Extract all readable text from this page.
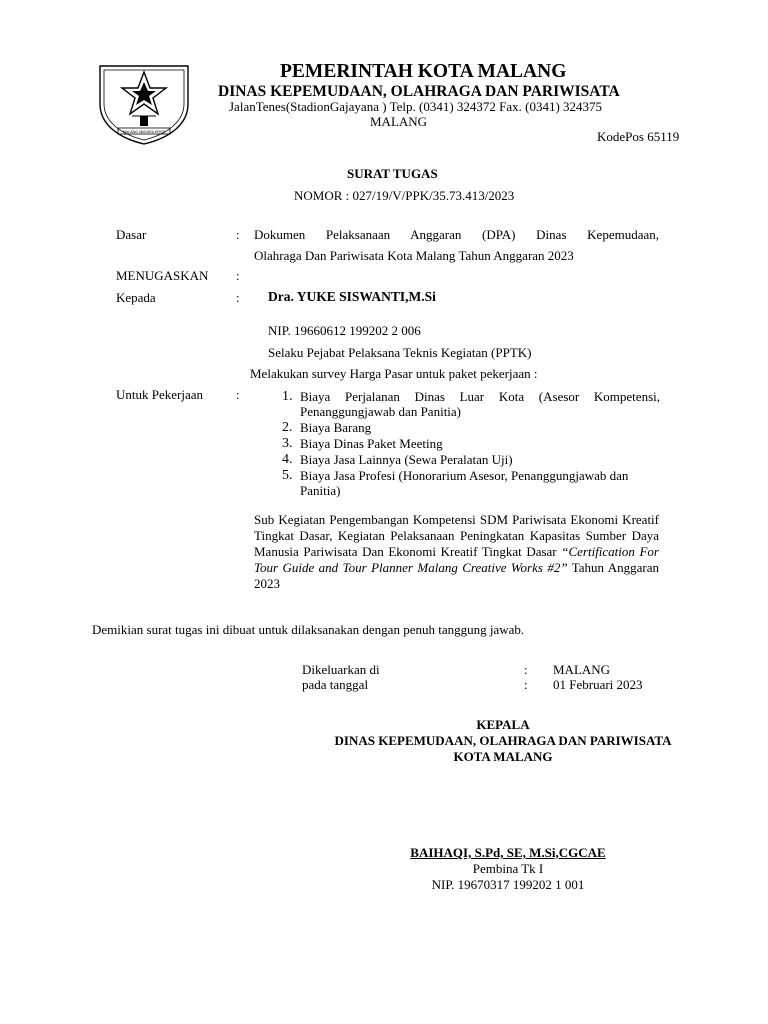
MALANG NAGARA KRITA
PEMERINTAH KOTA MALANG
DINAS KEPEMUDAAN, OLAHRAGA DAN PARIWISATA
JalanTenes(StadionGajayana ) Telp. (0341) 324372 Fax. (0341) 324375
MALANG
KodePos 65119
SURAT TUGAS
NOMOR : 027/19/V/PPK/35.73.413/2023
Dasar	: Dokumen Pelaksanaan Anggaran (DPA) Dinas Kepemudaan,
Olahraga Dan Pariwisata Kota Malang Tahun Anggaran 2023
MENUGASKAN :
Kepada	: Dra. YUKE SISWANTI,M.Si
NIP. 19660612 199202 2 006
Selaku Pejabat Pelaksana Teknis Kegiatan (PPTK)
Melakukan survey Harga Pasar untuk paket pekerjaan :
Untuk Pekerjaan	:	1. Biaya Perjalanan Dinas Luar Kota (Asesor Kompetensi, Penanggungjawab dan Panitia)
2. Biaya Barang
3. Biaya Dinas Paket Meeting
4. Biaya Jasa Lainnya (Sewa Peralatan Uji)
5. Biaya Jasa Profesi (Honorarium Asesor, Penanggungjawab dan Panitia)
Sub Kegiatan Pengembangan Kompetensi SDM Pariwisata Ekonomi Kreatif Tingkat Dasar, Kegiatan Pelaksanaan Peningkatan Kapasitas Sumber Daya Manusia Pariwisata Dan Ekonomi Kreatif Tingkat Dasar “Certification For Tour Guide and Tour Planner Malang Creative Works #2” Tahun Anggaran 2023
Demikian surat tugas ini dibuat untuk dilaksanakan dengan penuh tanggung jawab.
Dikeluarkan di	: MALANG
pada tanggal	: 01 Februari 2023
KEPALA
DINAS KEPEMUDAAN, OLAHRAGA DAN PARIWISATA
KOTA MALANG
BAIHAQI, S.Pd, SE, M.Si,CGCAE
Pembina Tk I
NIP. 19670317 199202 1 001
